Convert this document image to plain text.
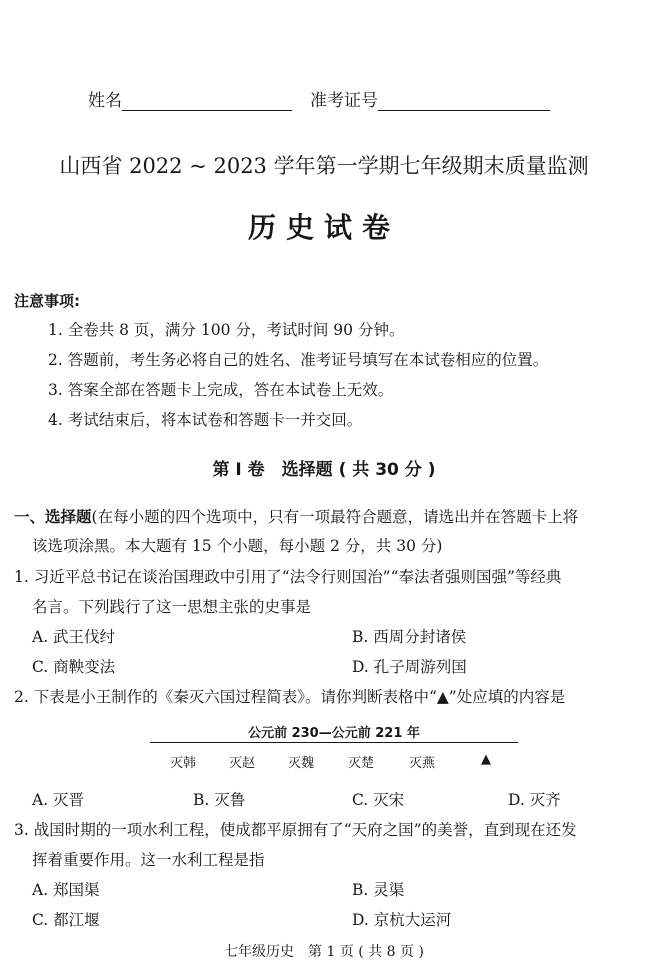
姓名	准考证号
山西省 2022 ~ 2023 学年第一学期七年级期末质量监测
历史试卷
注意事项:
1. 全卷共 8 页，满分 100 分，考试时间 90 分钟。
2. 答题前，考生务必将自己的姓名、准考证号填写在本试卷相应的位置。
3. 答案全部在答题卡上完成，答在本试卷上无效。
4. 考试结束后，将本试卷和答题卡一并交回。
第 Ⅰ 卷　选择题 ( 共 30 分 )
一、选择题(在每小题的四个选项中，只有一项最符合题意，请选出并在答题卡上将
该选项涂黑。本大题有 15 个小题，每小题 2 分，共 30 分)
1. 习近平总书记在谈治国理政中引用了“法令行则国治”“奉法者强则国强”等经典
名言。下列践行了这一思想主张的史事是
A. 武王伐纣	B. 西周分封诸侯
C. 商鞅变法	D. 孔子周游列国
2. 下表是小王制作的《秦灭六国过程简表》。请你判断表格中“▲”处应填的内容是
公元前 230—公元前 221 年
灭韩	灭赵	灭魏	灭楚	灭燕	▲
A. 灭晋	B. 灭鲁	C. 灭宋	D. 灭齐
3. 战国时期的一项水利工程，使成都平原拥有了“天府之国”的美誉，直到现在还发
挥着重要作用。这一水利工程是指
A. 郑国渠	B. 灵渠
C. 都江堰	D. 京杭大运河
七年级历史　第 1 页 ( 共 8 页 )
